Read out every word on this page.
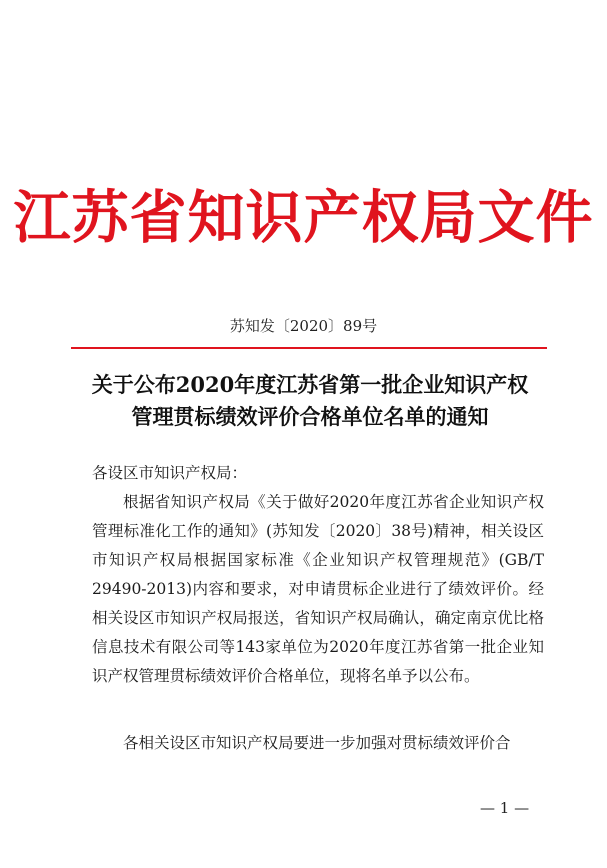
江苏省知识产权局文件
苏知发〔2020〕89号
关于公布2020年度江苏省第一批企业知识产权
管理贯标绩效评价合格单位名单的通知
各设区市知识产权局：

根据省知识产权局《关于做好2020年度江苏省企业知识产权管理标准化工作的通知》(苏知发〔2020〕38号)精神，相关设区市知识产权局根据国家标准《企业知识产权管理规范》(GB/T 29490-2013)内容和要求，对申请贯标企业进行了绩效评价。经相关设区市知识产权局报送，省知识产权局确认，确定南京优比格信息技术有限公司等143家单位为2020年度江苏省第一批企业知识产权管理贯标绩效评价合格单位，现将名单予以公布。

各相关设区市知识产权局要进一步加强对贯标绩效评价合

— 1 —
